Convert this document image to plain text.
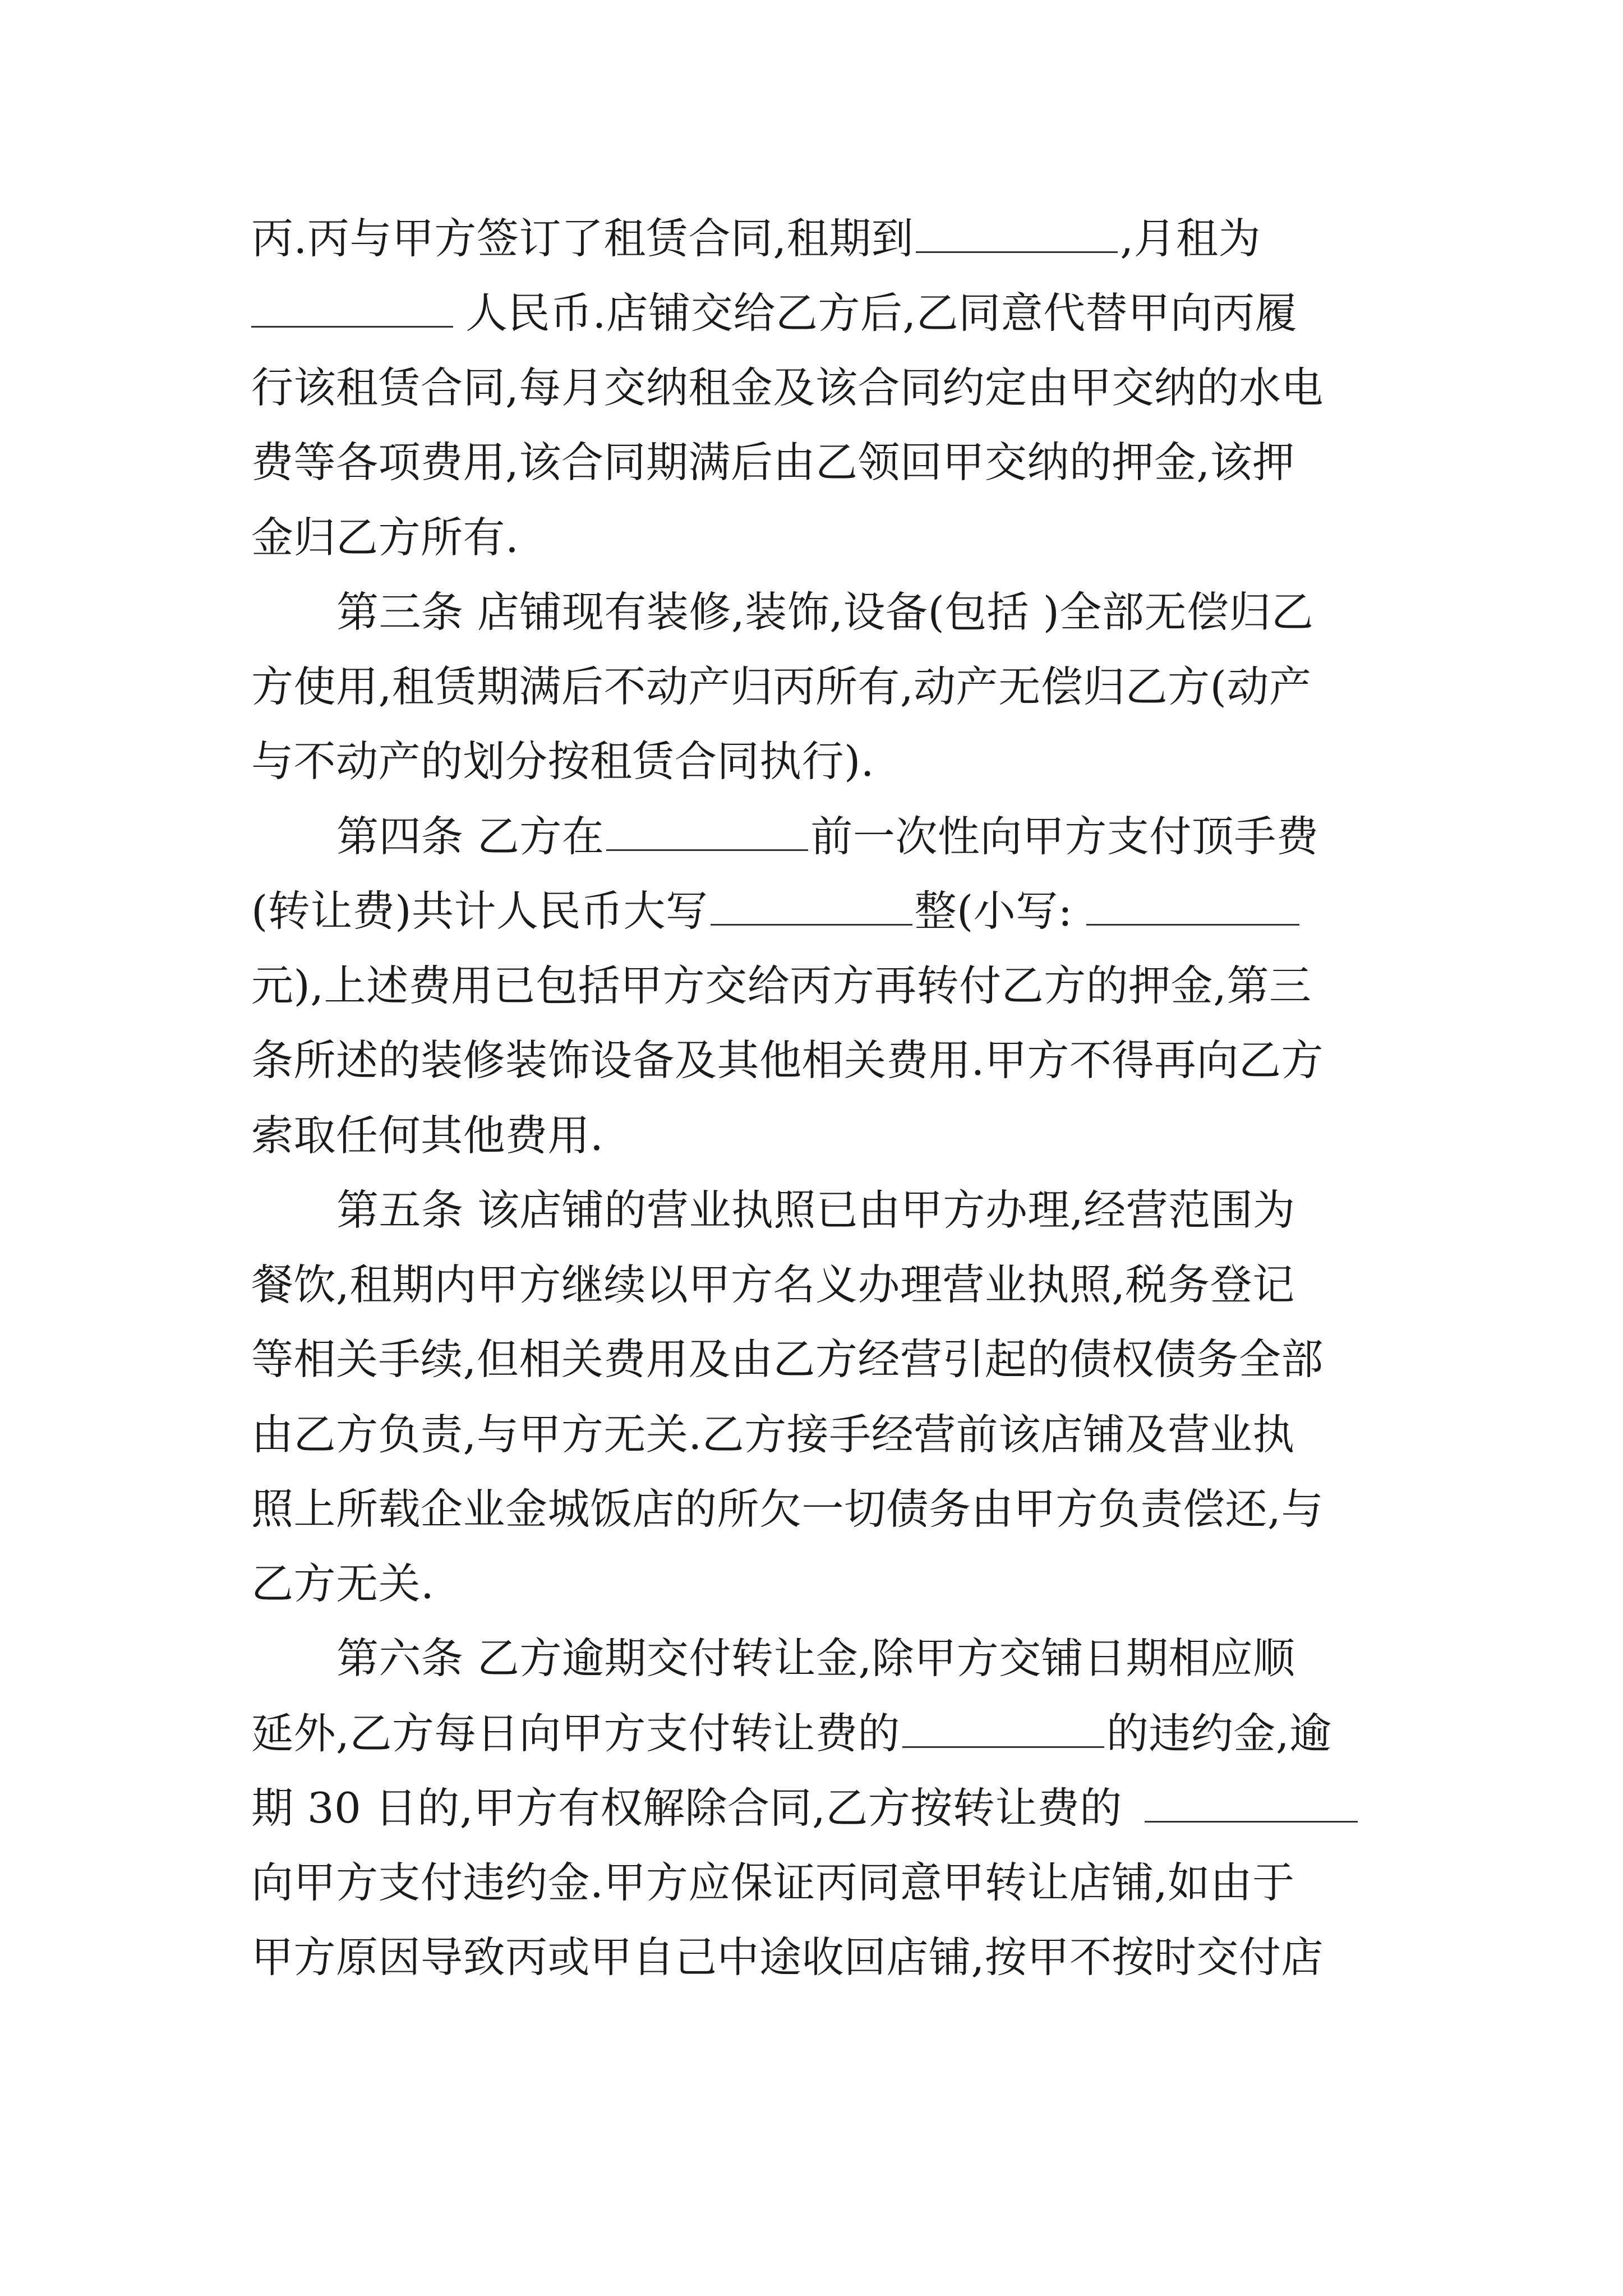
丙.丙与甲方签订了租赁合同,租期到	,月租为

人民币.店铺交给乙方后,乙同意代替甲向丙履

行该租赁合同,每月交纳租金及该合同约定由甲交纳的水电

费等各项费用,该合同期满后由乙领回甲交纳的押金,该押

金归乙方所有.

第三条 店铺现有装修,装饰,设备(包括 )全部无偿归乙

方使用,租赁期满后不动产归丙所有,动产无偿归乙方(动产

与不动产的划分按租赁合同执行).

第四条 乙方在	前一次性向甲方支付顶手费

(转让费)共计人民币大写	整(小写:

元),上述费用已包括甲方交给丙方再转付乙方的押金,第三

条所述的装修装饰设备及其他相关费用.甲方不得再向乙方

索取任何其他费用.

第五条 该店铺的营业执照已由甲方办理,经营范围为

餐饮,租期内甲方继续以甲方名义办理营业执照,税务登记

等相关手续,但相关费用及由乙方经营引起的债权债务全部

由乙方负责,与甲方无关.乙方接手经营前该店铺及营业执

照上所载企业金城饭店的所欠一切债务由甲方负责偿还,与

乙方无关.

第六条 乙方逾期交付转让金,除甲方交铺日期相应顺

延外,乙方每日向甲方支付转让费的	的违约金,逾

期 30 日的,甲方有权解除合同,乙方按转让费的

向甲方支付违约金.甲方应保证丙同意甲转让店铺,如由于

甲方原因导致丙或甲自己中途收回店铺,按甲不按时交付店
